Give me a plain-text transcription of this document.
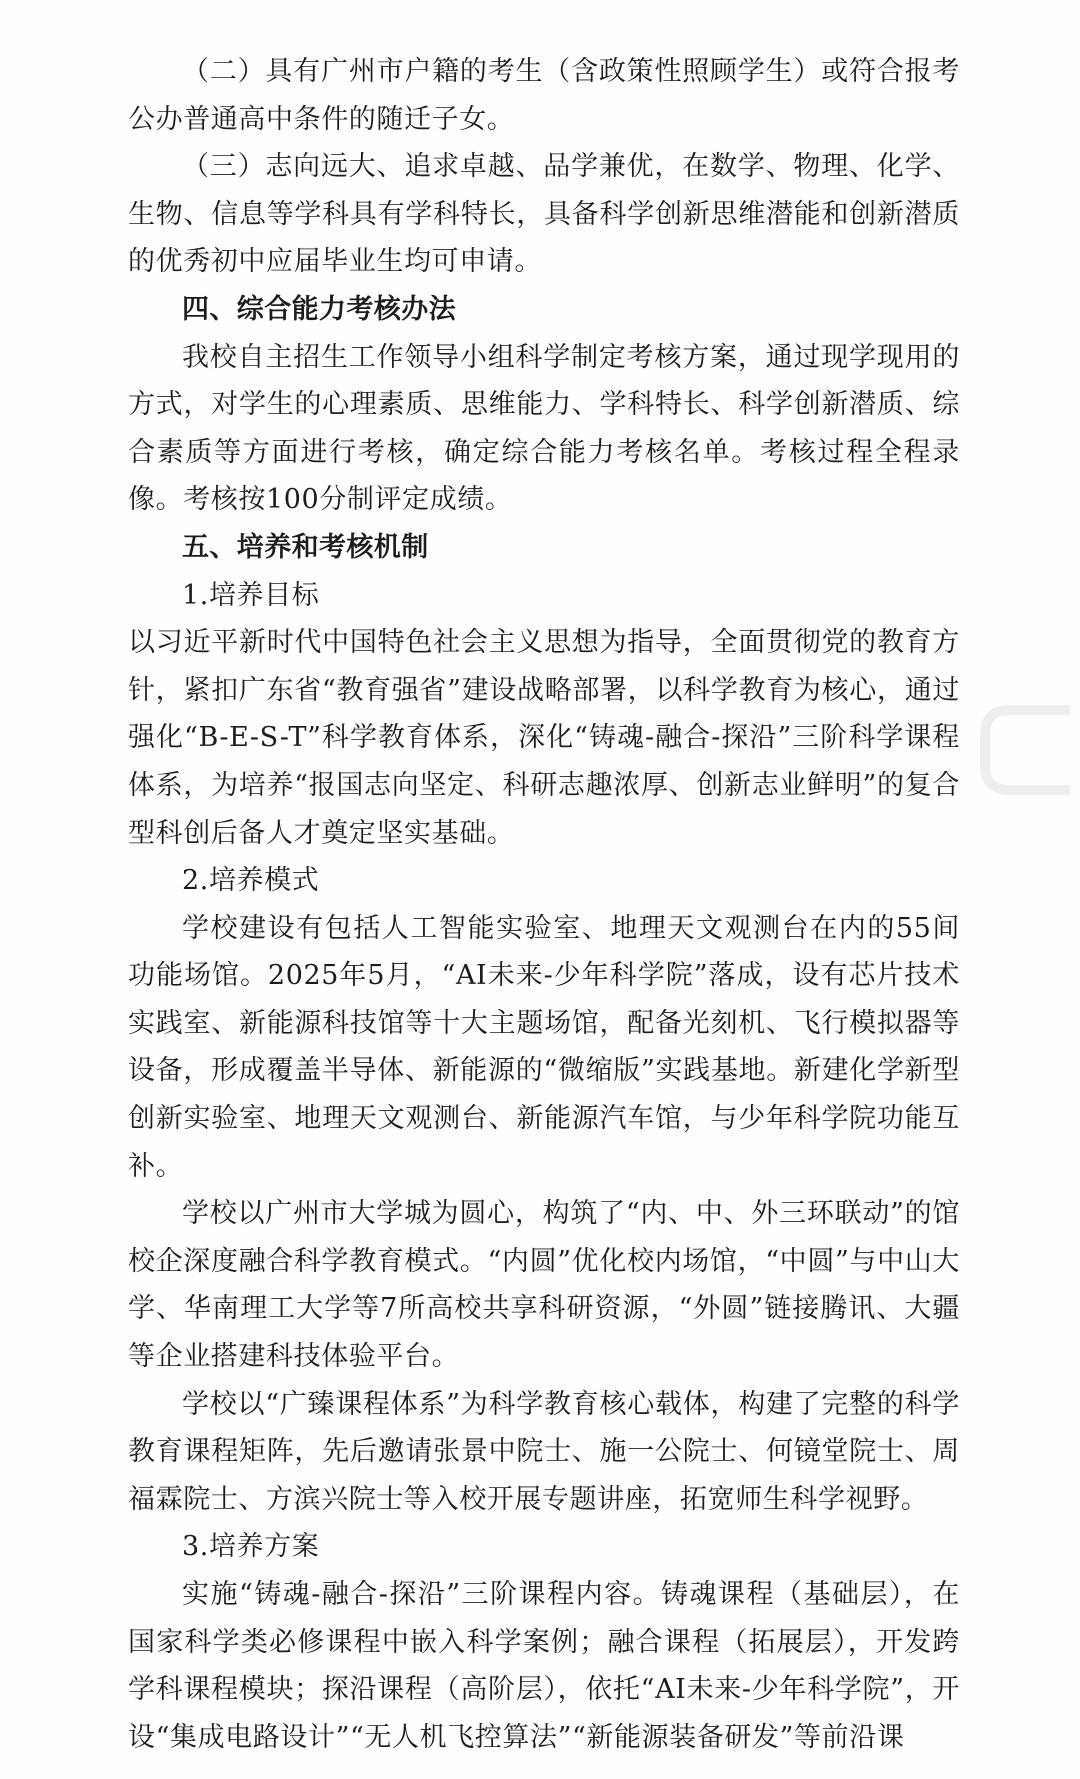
（二）具有广州市户籍的考生（含政策性照顾学生）或符合报考公办普通高中条件的随迁子女。

（三）志向远大、追求卓越、品学兼优，在数学、物理、化学、生物、信息等学科具有学科特长，具备科学创新思维潜能和创新潜质的优秀初中应届毕业生均可申请。

四、综合能力考核办法

我校自主招生工作领导小组科学制定考核方案，通过现学现用的方式，对学生的心理素质、思维能力、学科特长、科学创新潜质、综合素质等方面进行考核，确定综合能力考核名单。考核过程全程录像。考核按100分制评定成绩。

五、培养和考核机制

1.培养目标

以习近平新时代中国特色社会主义思想为指导，全面贯彻党的教育方针，紧扣广东省“教育强省”建设战略部署，以科学教育为核心，通过强化“B-E-S-T”科学教育体系，深化“铸魂-融合-探沿”三阶科学课程体系，为培养“报国志向坚定、科研志趣浓厚、创新志业鲜明”的复合型科创后备人才奠定坚实基础。

2.培养模式

学校建设有包括人工智能实验室、地理天文观测台在内的55间功能场馆。2025年5月，“AI未来-少年科学院”落成，设有芯片技术实践室、新能源科技馆等十大主题场馆，配备光刻机、飞行模拟器等设备，形成覆盖半导体、新能源的“微缩版”实践基地。新建化学新型创新实验室、地理天文观测台、新能源汽车馆，与少年科学院功能互补。

学校以广州市大学城为圆心，构筑了“内、中、外三环联动”的馆校企深度融合科学教育模式。“内圆”优化校内场馆，“中圆”与中山大学、华南理工大学等7所高校共享科研资源，“外圆”链接腾讯、大疆等企业搭建科技体验平台。

学校以“广臻课程体系”为科学教育核心载体，构建了完整的科学教育课程矩阵，先后邀请张景中院士、施一公院士、何镜堂院士、周福霖院士、方滨兴院士等入校开展专题讲座，拓宽师生科学视野。

3.培养方案

实施“铸魂-融合-探沿”三阶课程内容。铸魂课程（基础层），在国家科学类必修课程中嵌入科学案例；融合课程（拓展层），开发跨学科课程模块；探沿课程（高阶层），依托“AI未来-少年科学院”，开设“集成电路设计”“无人机飞控算法”“新能源装备研发”等前沿课
